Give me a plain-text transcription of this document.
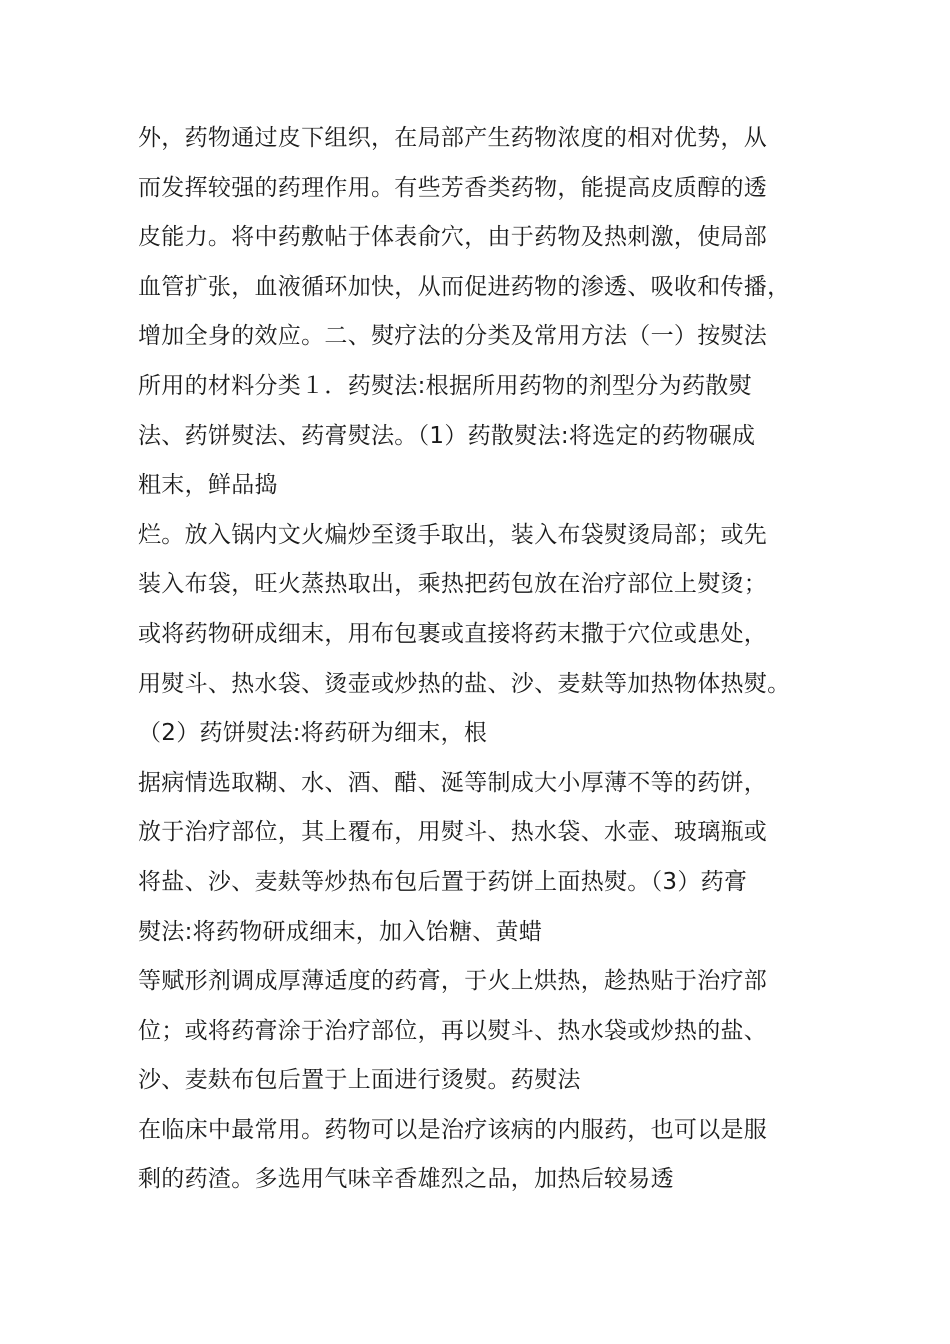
外，药物通过皮下组织，在局部产生药物浓度的相对优势，从
而发挥较强的药理作用。有些芳香类药物，能提高皮质醇的透
皮能力。将中药敷帖于体表俞穴，由于药物及热刺激，使局部
血管扩张，血液循环加快，从而促进药物的渗透、吸收和传播，
增加全身的效应。二、熨疗法的分类及常用方法（一）按熨法
所用的材料分类１．药熨法:根据所用药物的剂型分为药散熨
法、药饼熨法、药膏熨法。（1）药散熨法:将选定的药物碾成
粗末，鲜品捣
烂。放入锅内文火煸炒至烫手取出，装入布袋熨烫局部；或先
装入布袋，旺火蒸热取出，乘热把药包放在治疗部位上熨烫；
或将药物研成细末，用布包裹或直接将药末撒于穴位或患处，
用熨斗、热水袋、烫壶或炒热的盐、沙、麦麸等加热物体热熨。
（2）药饼熨法:将药研为细末，根
据病情选取糊、水、酒、醋、涎等制成大小厚薄不等的药饼，
放于治疗部位，其上覆布，用熨斗、热水袋、水壶、玻璃瓶或
将盐、沙、麦麸等炒热布包后置于药饼上面热熨。（3）药膏
熨法:将药物研成细末，加入饴糖、黄蜡
等赋形剂调成厚薄适度的药膏，于火上烘热，趁热贴于治疗部
位；或将药膏涂于治疗部位，再以熨斗、热水袋或炒热的盐、
沙、麦麸布包后置于上面进行烫熨。药熨法
在临床中最常用。药物可以是治疗该病的内服药，也可以是服
剩的药渣。多选用气味辛香雄烈之品，加热后较易透
